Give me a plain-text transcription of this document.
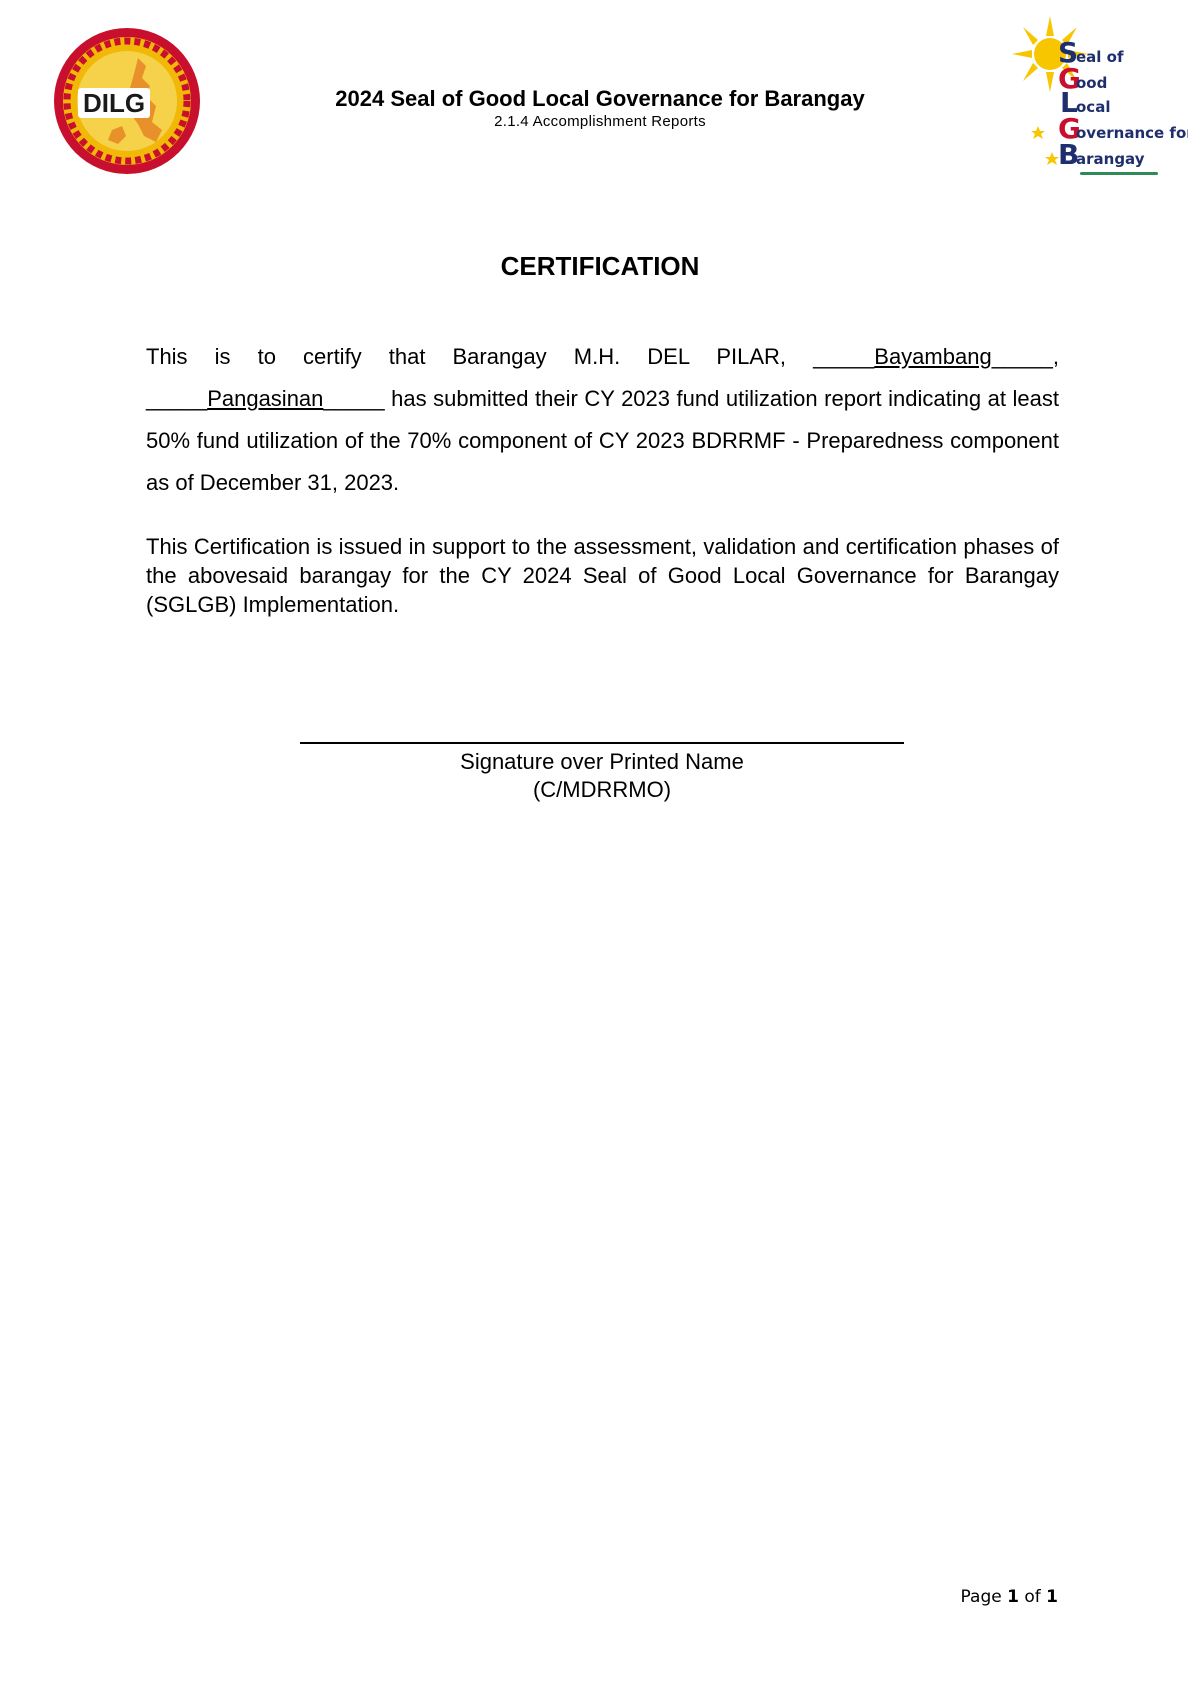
DILG	2024 Seal of Good Local Governance for Barangay

2.1.4 Accomplishment Reports

S
eal of
G
ood
L
ocal
G
overnance for
B
arangay
CERTIFICATION

This is to certify that Barangay M.H. DEL PILAR, _____Bayambang_____, _____Pangasinan_____ has submitted their CY 2023 fund utilization report indicating at least 50% fund utilization of the 70% component of CY 2023 BDRRMF - Preparedness component as of December 31, 2023.

This Certification is issued in support to the assessment, validation and certification phases of the abovesaid barangay for the CY 2024 Seal of Good Local Governance for Barangay (SGLGB) Implementation.

Signature over Printed Name
(C/MDRRMO)
Page 1 of 1
